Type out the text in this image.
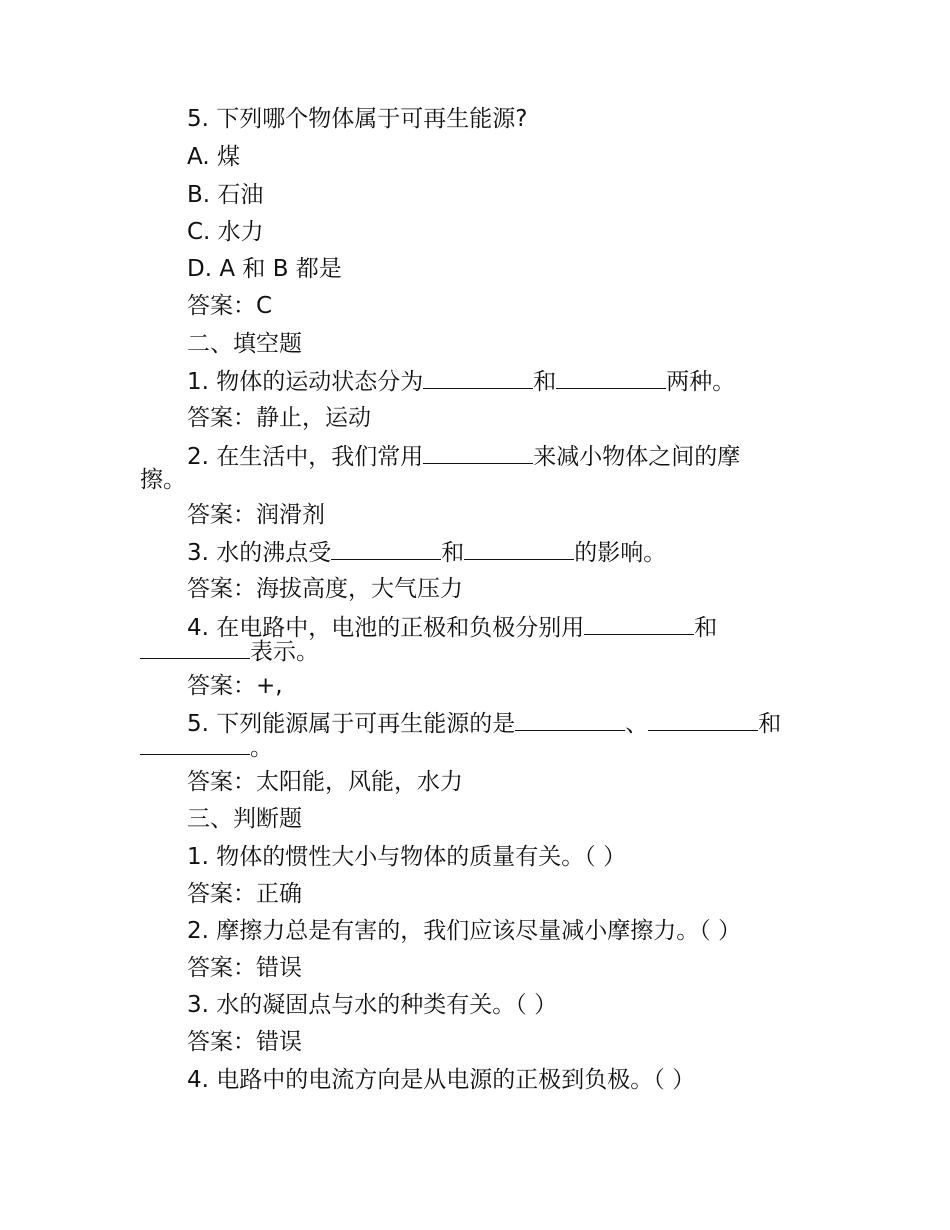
5. 下列哪个物体属于可再生能源?
A. 煤
B. 石油
C. 水力
D. A 和 B 都是
答案：C
二、填空题
1. 物体的运动状态分为	和	两种。
答案：静止，运动
2. 在生活中，我们常用	来减小物体之间的摩
擦。
答案：润滑剂
3. 水的沸点受	和	的影响。
答案：海拔高度，大气压力
4. 在电路中，电池的正极和负极分别用	和
表示。
答案：+,
5. 下列能源属于可再生能源的是	、	和
。
答案：太阳能，风能，水力
三、判断题
1. 物体的惯性大小与物体的质量有关。（ ）
答案：正确
2. 摩擦力总是有害的，我们应该尽量减小摩擦力。（ ）
答案：错误
3. 水的凝固点与水的种类有关。（ ）
答案：错误
4. 电路中的电流方向是从电源的正极到负极。（ ）
